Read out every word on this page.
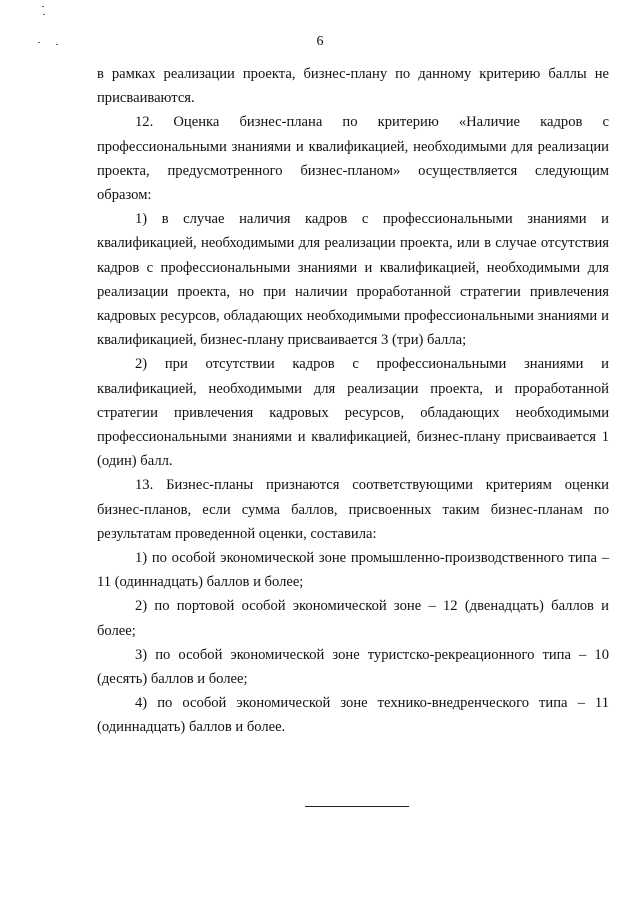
6

в рамках реализации проекта, бизнес-плану по данному критерию баллы не присваиваются.

12. Оценка бизнес-плана по критерию «Наличие кадров с профессиональными знаниями и квалификацией, необходимыми для реализации проекта, предусмотренного бизнес-планом» осуществляется следующим образом:

1) в случае наличия кадров с профессиональными знаниями и квалификацией, необходимыми для реализации проекта, или в случае отсутствия кадров с профессиональными знаниями и квалификацией, необходимыми для реализации проекта, но при наличии проработанной стратегии привлечения кадровых ресурсов, обладающих необходимыми профессиональными знаниями и квалификацией, бизнес-плану присваивается 3 (три) балла;

2) при отсутствии кадров с профессиональными знаниями и квалификацией, необходимыми для реализации проекта, и проработанной стратегии привлечения кадровых ресурсов, обладающих необходимыми профессиональными знаниями и квалификацией, бизнес-плану присваивается 1 (один) балл.

13. Бизнес-планы признаются соответствующими критериям оценки бизнес-планов, если сумма баллов, присвоенных таким бизнес-планам по результатам проведенной оценки, составила:

1) по особой экономической зоне промышленно-производственного типа – 11 (одиннадцать) баллов и более;

2) по портовой особой экономической зоне – 12 (двенадцать) баллов и более;

3) по особой экономической зоне туристско-рекреационного типа – 10 (десять) баллов и более;

4) по особой экономической зоне технико-внедренческого типа – 11 (одиннадцать) баллов и более.
